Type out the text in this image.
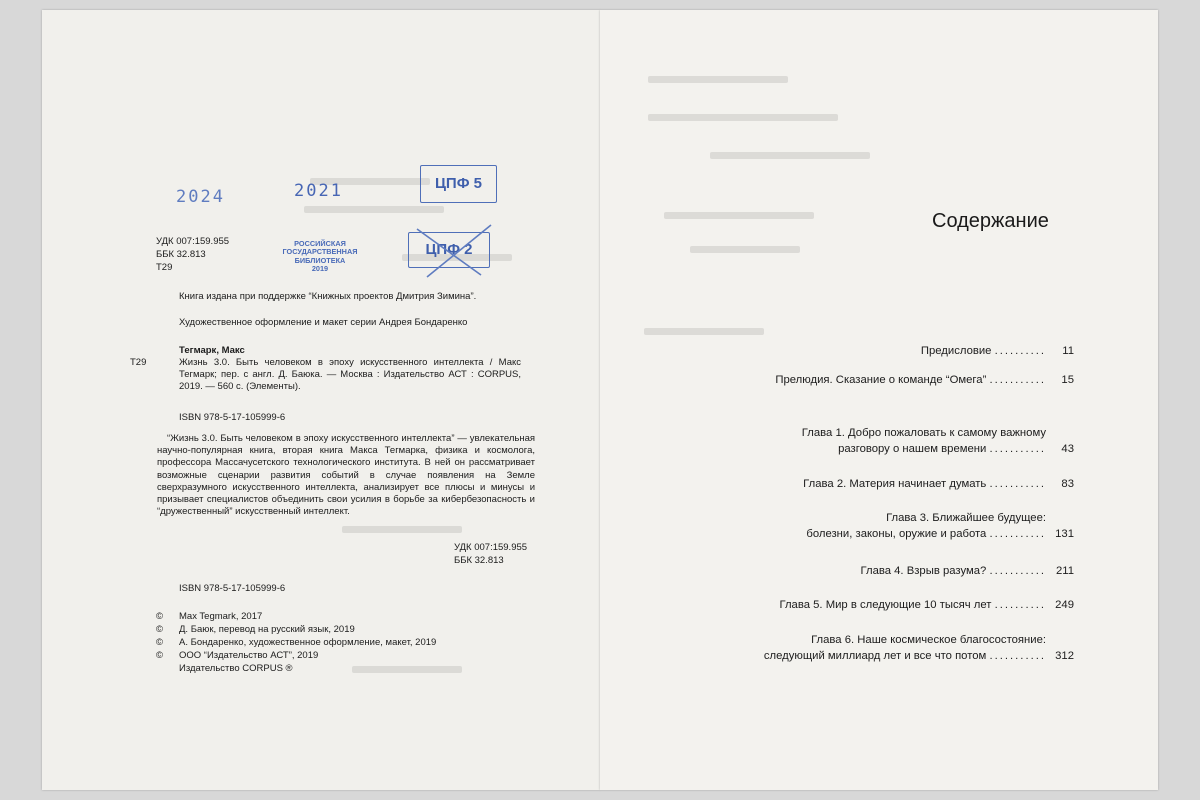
2024	2021	ЦПФ 5
ЦПФ 2
РОССИЙСКАЯ
ГОСУДАРСТВЕННАЯ
БИБЛИОТЕКА
2019
УДК 007:159.955
ББК 32.813
Т29
Книга издана при поддержке “Книжных проектов Дмитрия Зимина”.
Художественное оформление и макет серии Андрея Бондаренко
Тегмарк, Макс
Т29	Жизнь 3.0. Быть человеком в эпоху искусственного интеллекта / Макс Тегмарк; пер. с англ. Д. Баюка. — Москва : Издательство АСТ : CORPUS, 2019. — 560 с. (Элементы).
ISBN 978-5-17-105999-6
“Жизнь 3.0. Быть человеком в эпоху искусственного интеллекта” — увлекательная научно-популярная книга, вторая книга Макса Тегмарка, физика и космолога, профессора Массачусетского технологического института. В ней он рассматривает возможные сценарии развития событий в случае появления на Земле сверхразумного искусственного интеллекта, анализирует все плюсы и минусы и призывает специалистов объединить свои усилия в борьбе за кибербезопасность и “дружественный” искусственный интеллект.
УДК 007:159.955
ББК 32.813
ISBN 978-5-17-105999-6
© Max Tegmark, 2017
© Д. Баюк, перевод на русский язык, 2019
© А. Бондаренко, художественное оформление, макет, 2019
© ООО “Издательство АСТ”, 2019
Издательство CORPUS ®
Содержание
Предисловие .......... 11
Прелюдия. Сказание о команде “Омега” ........... 15
Глава 1. Добро пожаловать к самому важному
разговору о нашем времени ........... 43
Глава 2. Материя начинает думать ........... 83
Глава 3. Ближайшее будущее:
болезни, законы, оружие и работа ........... 131
Глава 4. Взрыв разума? ........... 211
Глава 5. Мир в следующие 10 тысяч лет .......... 249
Глава 6. Наше космическое благосостояние:
следующий миллиард лет и все что потом ........... 312
